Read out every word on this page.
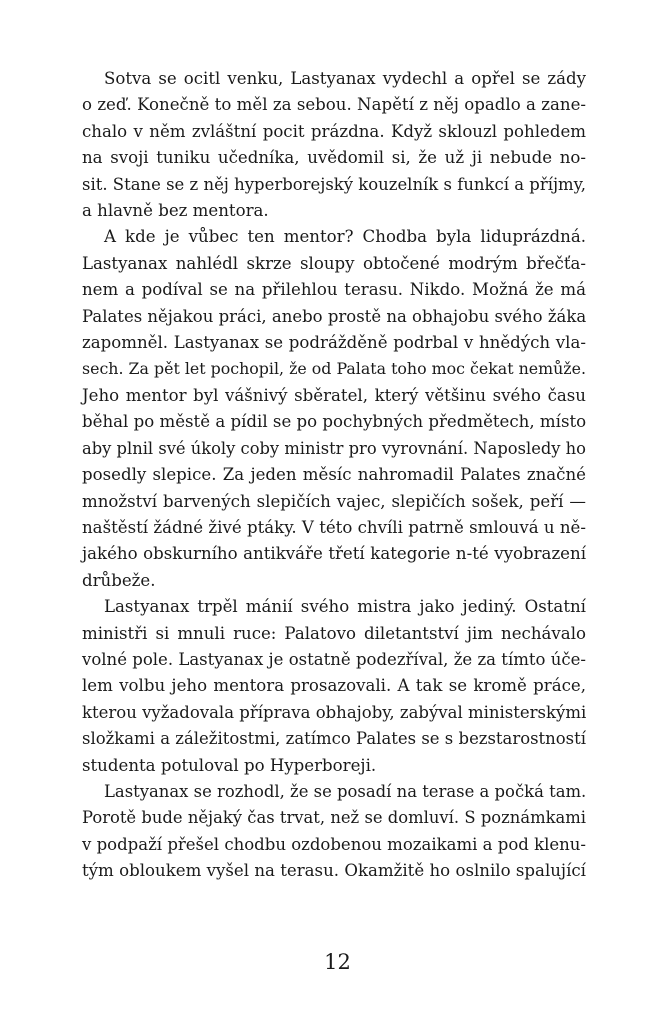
Sotva se ocitl venku, Lastyanax vydechl a opřel se zády
o zeď. Konečně to měl za sebou. Napětí z něj opadlo a zane-
chalo v něm zvláštní pocit prázdna. Když sklouzl pohledem
na svoji tuniku učedníka, uvědomil si, že už ji nebude no-
sit. Stane se z něj hyperborejský kouzelník s funkcí a příjmy,
a hlavně bez mentora.

A kde je vůbec ten mentor? Chodba byla liduprázdná.
Lastyanax nahlédl skrze sloupy obtočené modrým břečťa-
nem a podíval se na přilehlou terasu. Nikdo. Možná že má
Palates nějakou práci, anebo prostě na obhajobu svého žáka
zapomněl. Lastyanax se podrážděně podrbal v hnědých vla-
sech. Za pět let pochopil, že od Palata toho moc čekat nemůže.
Jeho mentor byl vášnivý sběratel, který většinu svého času
běhal po městě a pídil se po pochybných předmětech, místo
aby plnil své úkoly coby ministr pro vyrovnání. Naposledy ho
posedly slepice. Za jeden měsíc nahromadil Palates značné
množství barvených slepičích vajec, slepičích sošek, peří —
naštěstí žádné živé ptáky. V této chvíli patrně smlouvá u ně-
jakého obskurního antikváře třetí kategorie n-té vyobrazení
drůbeže.

Lastyanax trpěl mánií svého mistra jako jediný. Ostatní
ministři si mnuli ruce: Palatovo diletantství jim nechávalo
volné pole. Lastyanax je ostatně podezříval, že za tímto úče-
lem volbu jeho mentora prosazovali. A tak se kromě práce,
kterou vyžadovala příprava obhajoby, zabýval ministerskými
složkami a záležitostmi, zatímco Palates se s bezstarostností
studenta potuloval po Hyperboreji.

Lastyanax se rozhodl, že se posadí na terase a počká tam.
Porotě bude nějaký čas trvat, než se domluví. S poznámkami
v podpaží přešel chodbu ozdobenou mozaikami a pod klenu-
tým obloukem vyšel na terasu. Okamžitě ho oslnilo spalující

12
